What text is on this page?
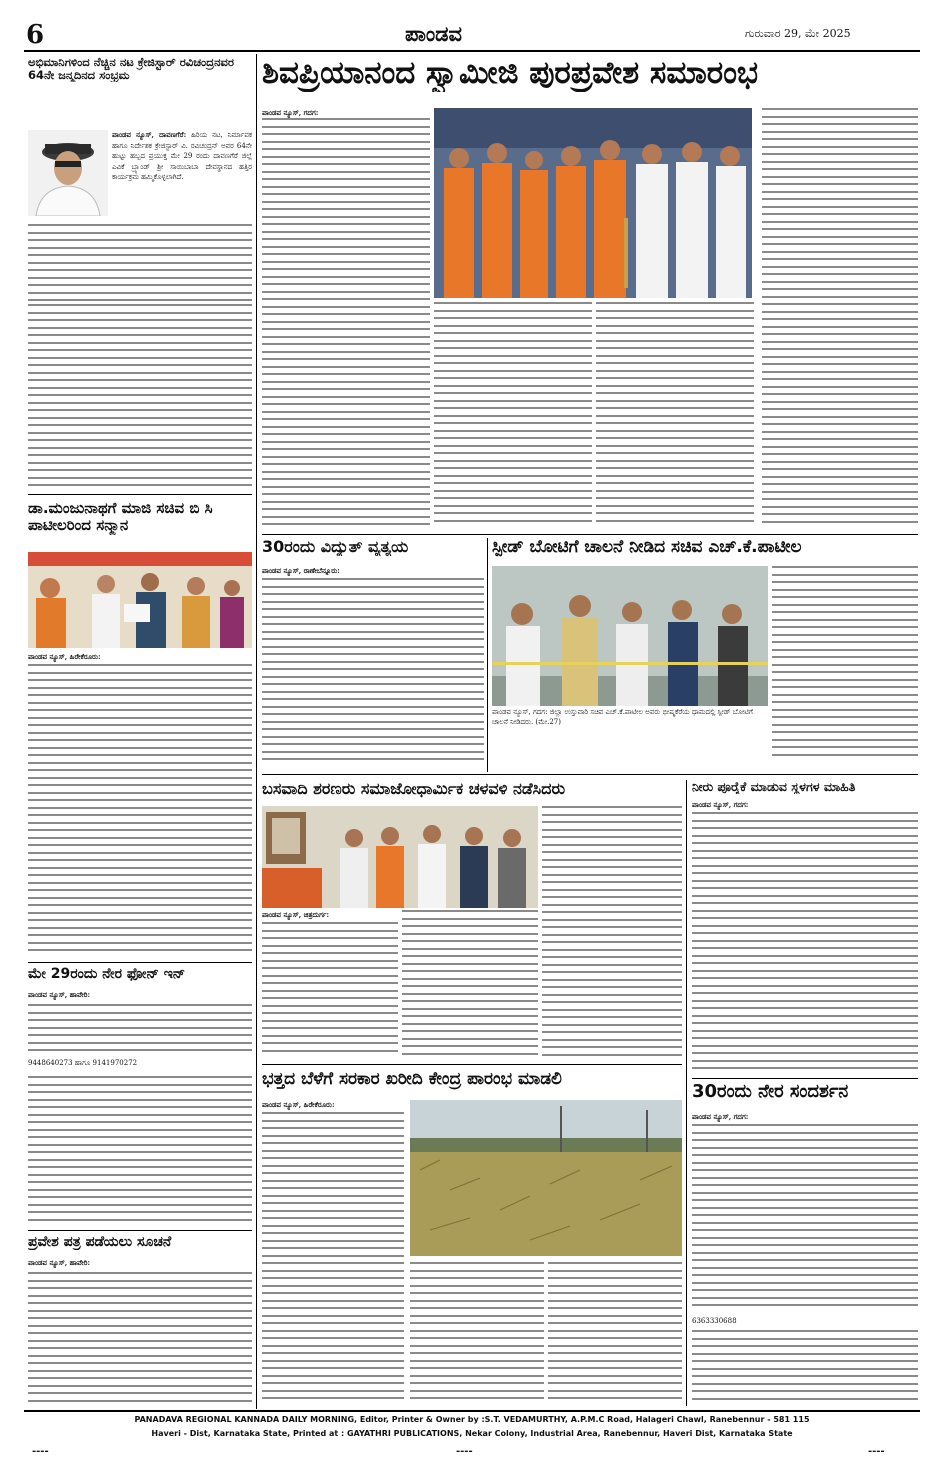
6	ಪಾಂಡವ	ಗುರುವಾರ 29, ಮೇ 2025
ಅಭಿಮಾನಿಗಳಿಂದ ನೆಚ್ಚಿನ ನಟ ಕ್ರೇಜಿಸ್ಟಾರ್ ರವಿಚಂದ್ರನವರ 64ನೇ ಜನ್ಮದಿನದ ಸಂಭ್ರಮ
ಪಾಂಡವ ನ್ಯೂಸ್, ದಾವಣಗೆರೆ: ಹಿರಿಯ ನಟ, ನಿರ್ಮಾಪಕ ಹಾಗೂ ನಿರ್ದೇಶಕ ಕ್ರೇಜಿಸ್ಟಾರ್ ವಿ. ರವಿಚಂದ್ರನ್ ಅವರ 64ನೇ ಹುಟ್ಟು ಹಬ್ಬದ ಪ್ರಯುಕ್ತ ಮೇ 29 ರಂದು ದಾವಣಗೆರೆ ಜಿಲ್ಲೆ ಎವಿಕೆ ಬ್ರ್ಯಾಂಡ್ ಶ್ರೀ ಸಾಯಿಬಾಬಾ ದೇವಸ್ಥಾನದ ಹತ್ತಿರ ಕಾರ್ಯಕ್ರಮ ಹಮ್ಮಿಕೊಳ್ಳಲಾಗಿದೆ.
ಡಾ.ಮಂಜುನಾಥಗೆ ಮಾಜಿ ಸಚಿವ ಬಿ ಸಿ ಪಾಟೀಲರಿಂದ ಸನ್ಮಾನ
ಪಾಂಡವ ನ್ಯೂಸ್, ಹಿರೇಕೆರೂರು:
ಮೇ 29ರಂದು ನೇರ ಫೋನ್ ಇನ್
ಪಾಂಡವ ನ್ಯೂಸ್, ಹಾವೇರಿ:
9448640273 ಹಾಗೂ 9141970272
ಪ್ರವೇಶ ಪತ್ರ ಪಡೆಯಲು ಸೂಚನೆ
ಪಾಂಡವ ನ್ಯೂಸ್, ಹಾವೇರಿ:
ಶಿವಪ್ರಿಯಾನಂದ ಸ್ವಾಮೀಜಿ ಪುರಪ್ರವೇಶ ಸಮಾರಂಭ
ಪಾಂಡವ ನ್ಯೂಸ್, ಗದಗ:
30ರಂದು ವಿದ್ಯುತ್ ವ್ಯತ್ಯಯ
ಪಾಂಡವ ನ್ಯೂಸ್, ರಾಣೇಬೆನ್ನೂರು:
ಸ್ಪೀಡ್ ಬೋಟಿಗೆ ಚಾಲನೆ ನೀಡಿದ ಸಚಿವ ಎಚ್.ಕೆ.ಪಾಟೀಲ
ಪಾಂಡವ ನ್ಯೂಸ್, ಗದಗ: ಜಿಲ್ಲಾ ಉಸ್ತುವಾರಿ ಸಚಿವ ಎಚ್.ಕೆ.ಪಾಟೀಲ ಅವರು ಭೀಷ್ಮಕೆರೆಯ ಧಾಮದಲ್ಲಿ ಸ್ಪೀಡ್ ಬೋಟಿಗೆ ಚಾಲನೆ ನೀಡಿದರು. (ಮೇ.27)
ಬಸವಾದಿ ಶರಣರು ಸಮಾಜೋಧಾರ್ಮಿಕ ಚಳವಳಿ ನಡೆಸಿದರು
ಪಾಂಡವ ನ್ಯೂಸ್, ಚಿತ್ರದುರ್ಗ:
ನೀರು ಪೂರೈಕೆ ಮಾಡುವ ಸ್ಥಳಗಳ ಮಾಹಿತಿ
ಪಾಂಡವ ನ್ಯೂಸ್, ಗದಗ:
30ರಂದು ನೇರ ಸಂದರ್ಶನ
ಪಾಂಡವ ನ್ಯೂಸ್, ಗದಗ:
6363330688
ಭತ್ತದ ಬೆಳೆಗೆ ಸರಕಾರ ಖರೀದಿ ಕೇಂದ್ರ ಪಾರಂಭ ಮಾಡಲಿ
ಪಾಂಡವ ನ್ಯೂಸ್, ಹಿರೇಕೆರೂರು:
PANADAVA REGIONAL KANNADA DAILY MORNING, Editor, Printer & Owner by :S.T. VEDAMURTHY, A.P.M.C Road, Halageri Chawl, Ranebennur - 581 115
Haveri - Dist, Karnataka State, Printed at : GAYATHRI PUBLICATIONS, Nekar Colony, Industrial Area, Ranebennur, Haveri Dist, Karnataka State
----	----	----
